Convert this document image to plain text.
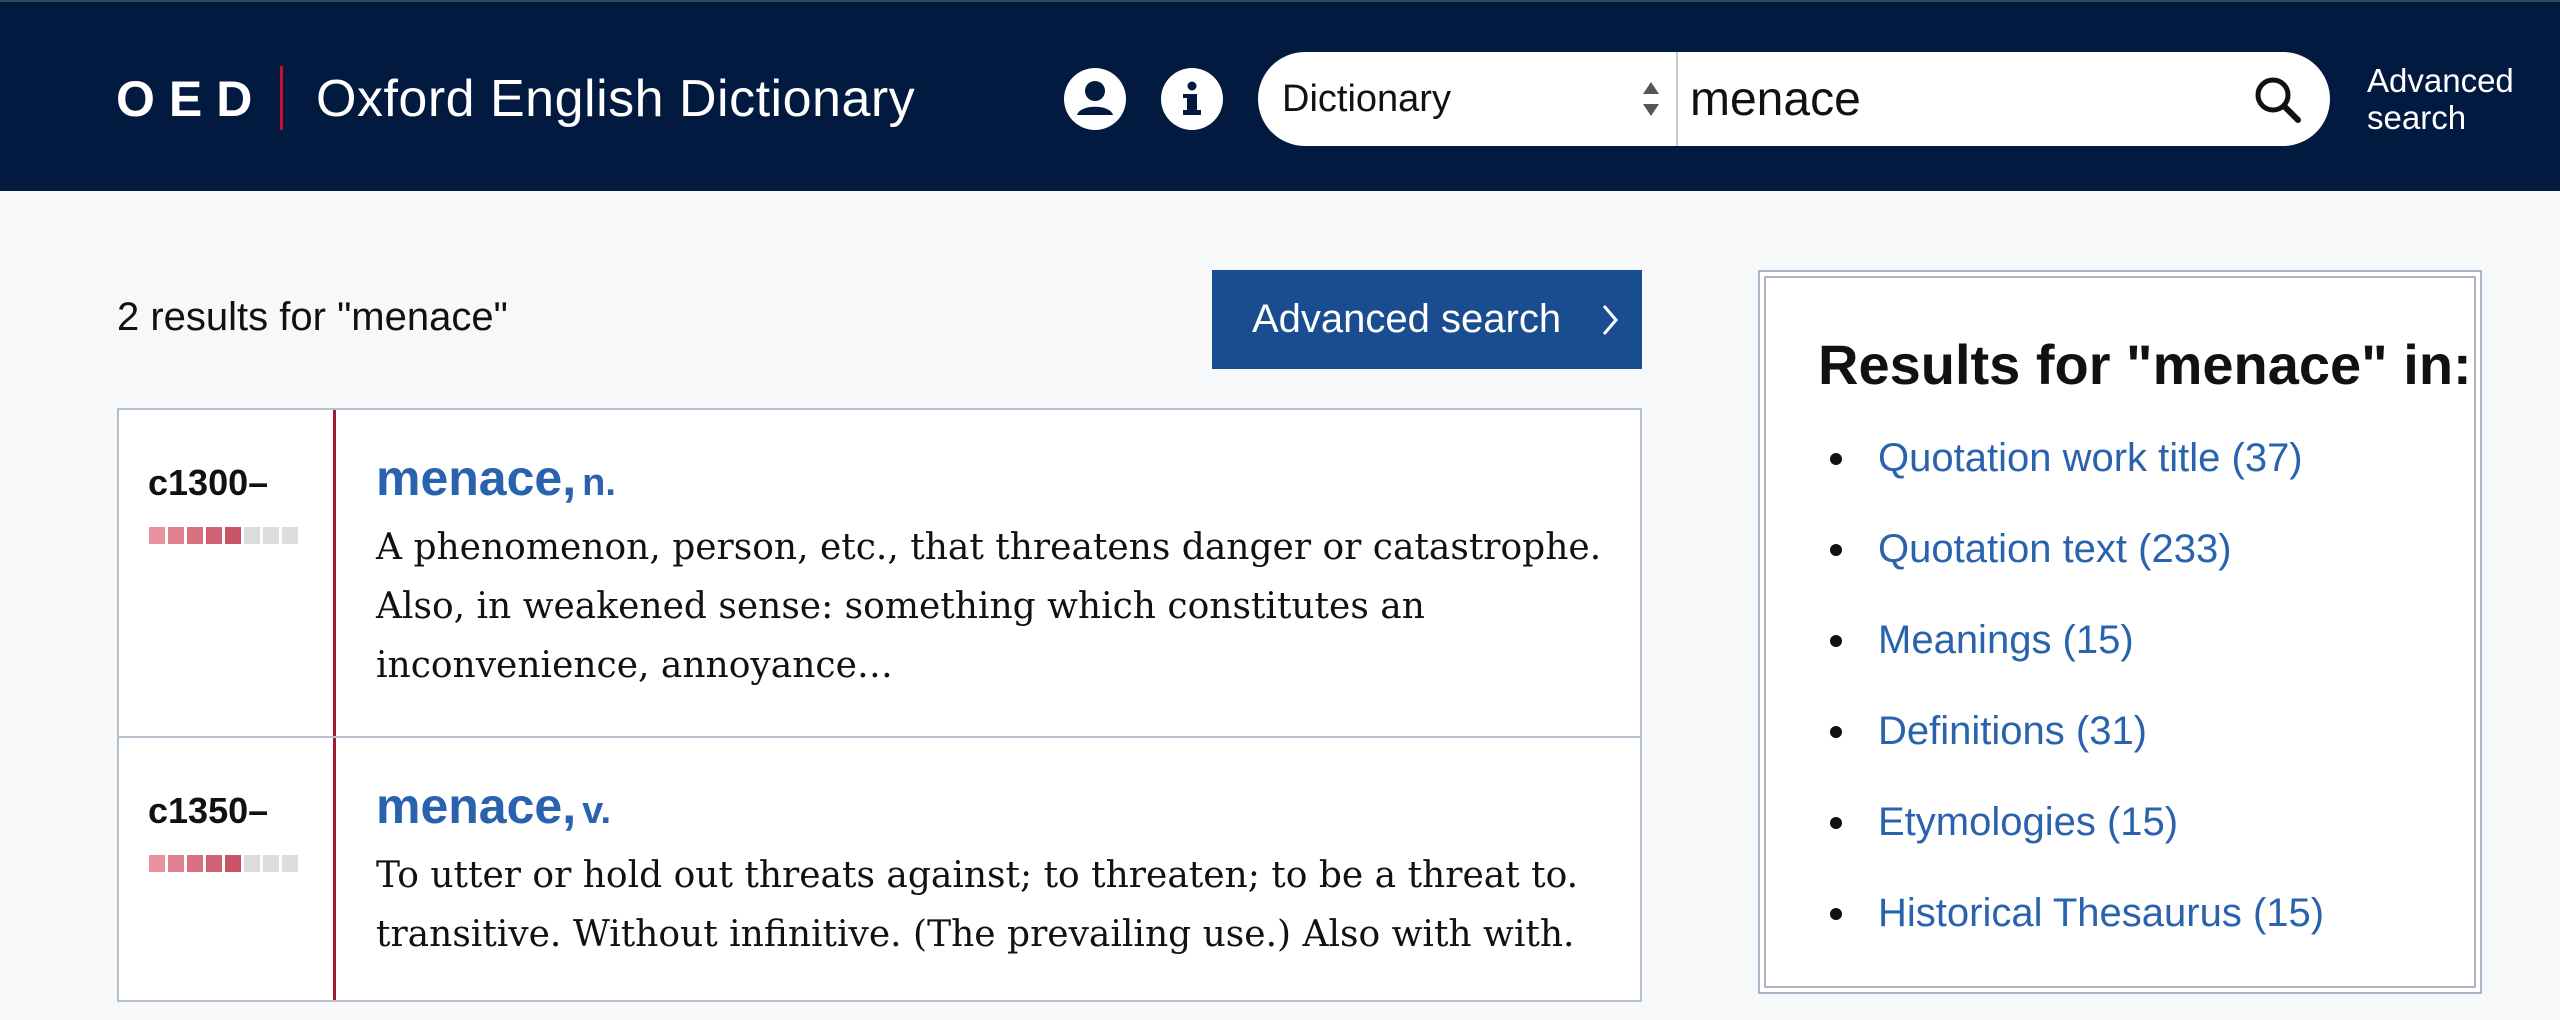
OED Oxford English Dictionary	Dictionary
menace	Advanced
search
2 results for "menace"	Advanced search
c1300– menace, n.
A phenomenon, person, etc., that threatens danger or catastrophe. Also, in weakened sense: something which constitutes an inconvenience, annoyance…
c1350– menace, v.
To utter or hold out threats against; to threaten; to be a threat to. transitive. Without infinitive. (The prevailing use.) Also with with.
Results for "menace" in:
Quotation work title (37)
Quotation text (233)
Meanings (15)
Definitions (31)
Etymologies (15)
Historical Thesaurus (15)
